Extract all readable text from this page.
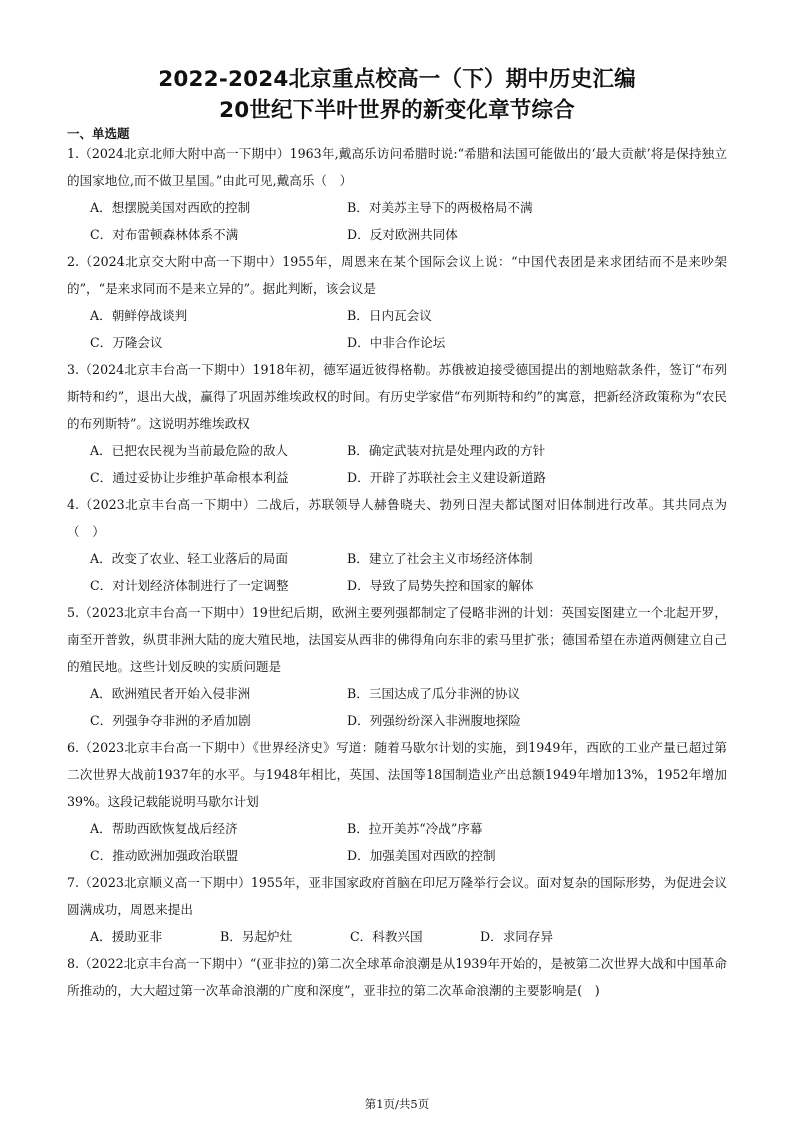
2022-2024北京重点校高一（下）期中历史汇编
20世纪下半叶世界的新变化章节综合
一、单选题
1.（2024北京北师大附中高一下期中）1963年,戴高乐访问希腊时说:“希腊和法国可能做出的‘最大贡献’将是保持独立的国家地位,而不做卫星国。”由此可见,戴高乐（　）
A．想摆脱美国对西欧的控制	B．对美苏主导下的两极格局不满
C．对布雷顿森林体系不满	D．反对欧洲共同体
2.（2024北京交大附中高一下期中）1955年，周恩来在某个国际会议上说：“中国代表团是来求团结而不是来吵架的”，“是来求同而不是来立异的”。据此判断，该会议是
A．朝鲜停战谈判	B．日内瓦会议
C．万隆会议	D．中非合作论坛
3.（2024北京丰台高一下期中）1918年初，德军逼近彼得格勒。苏俄被迫接受德国提出的割地赔款条件，签订“布列斯特和约”，退出大战，赢得了巩固苏维埃政权的时间。有历史学家借“布列斯特和约”的寓意，把新经济政策称为“农民的布列斯特”。这说明苏维埃政权
A．已把农民视为当前最危险的敌人	B．确定武装对抗是处理内政的方针
C．通过妥协让步维护革命根本利益	D．开辟了苏联社会主义建设新道路
4.（2023北京丰台高一下期中）二战后，苏联领导人赫鲁晓夫、勃列日涅夫都试图对旧体制进行改革。其共同点为（　）
A．改变了农业、轻工业落后的局面	B．建立了社会主义市场经济体制
C．对计划经济体制进行了一定调整	D．导致了局势失控和国家的解体
5.（2023北京丰台高一下期中）19世纪后期，欧洲主要列强都制定了侵略非洲的计划：英国妄图建立一个北起开罗，南至开普敦，纵贯非洲大陆的庞大殖民地，法国妄从西非的佛得角向东非的索马里扩张；德国希望在赤道两侧建立自己的殖民地。这些计划反映的实质问题是
A．欧洲殖民者开始入侵非洲	B．三国达成了瓜分非洲的协议
C．列强争夺非洲的矛盾加剧	D．列强纷纷深入非洲腹地探险
6.（2023北京丰台高一下期中）《世界经济史》写道：随着马歇尔计划的实施，到1949年，西欧的工业产量已超过第二次世界大战前1937年的水平。与1948年相比，英国、法国等18国制造业产出总额1949年增加13%，1952年增加39%。这段记载能说明马歇尔计划
A．帮助西欧恢复战后经济	B．拉开美苏“冷战”序幕
C．推动欧洲加强政治联盟	D．加强美国对西欧的控制
7.（2023北京顺义高一下期中）1955年，亚非国家政府首脑在印尼万隆举行会议。面对复杂的国际形势，为促进会议圆满成功，周恩来提出
A．援助亚非	B．另起炉灶	C．科教兴国	D．求同存异
8.（2022北京丰台高一下期中）“(亚非拉的)第二次全球革命浪潮是从1939年开始的，是被第二次世界大战和中国革命所推动的，大大超过第一次革命浪潮的广度和深度”，亚非拉的第二次革命浪潮的主要影响是(　)
第1页/共5页
